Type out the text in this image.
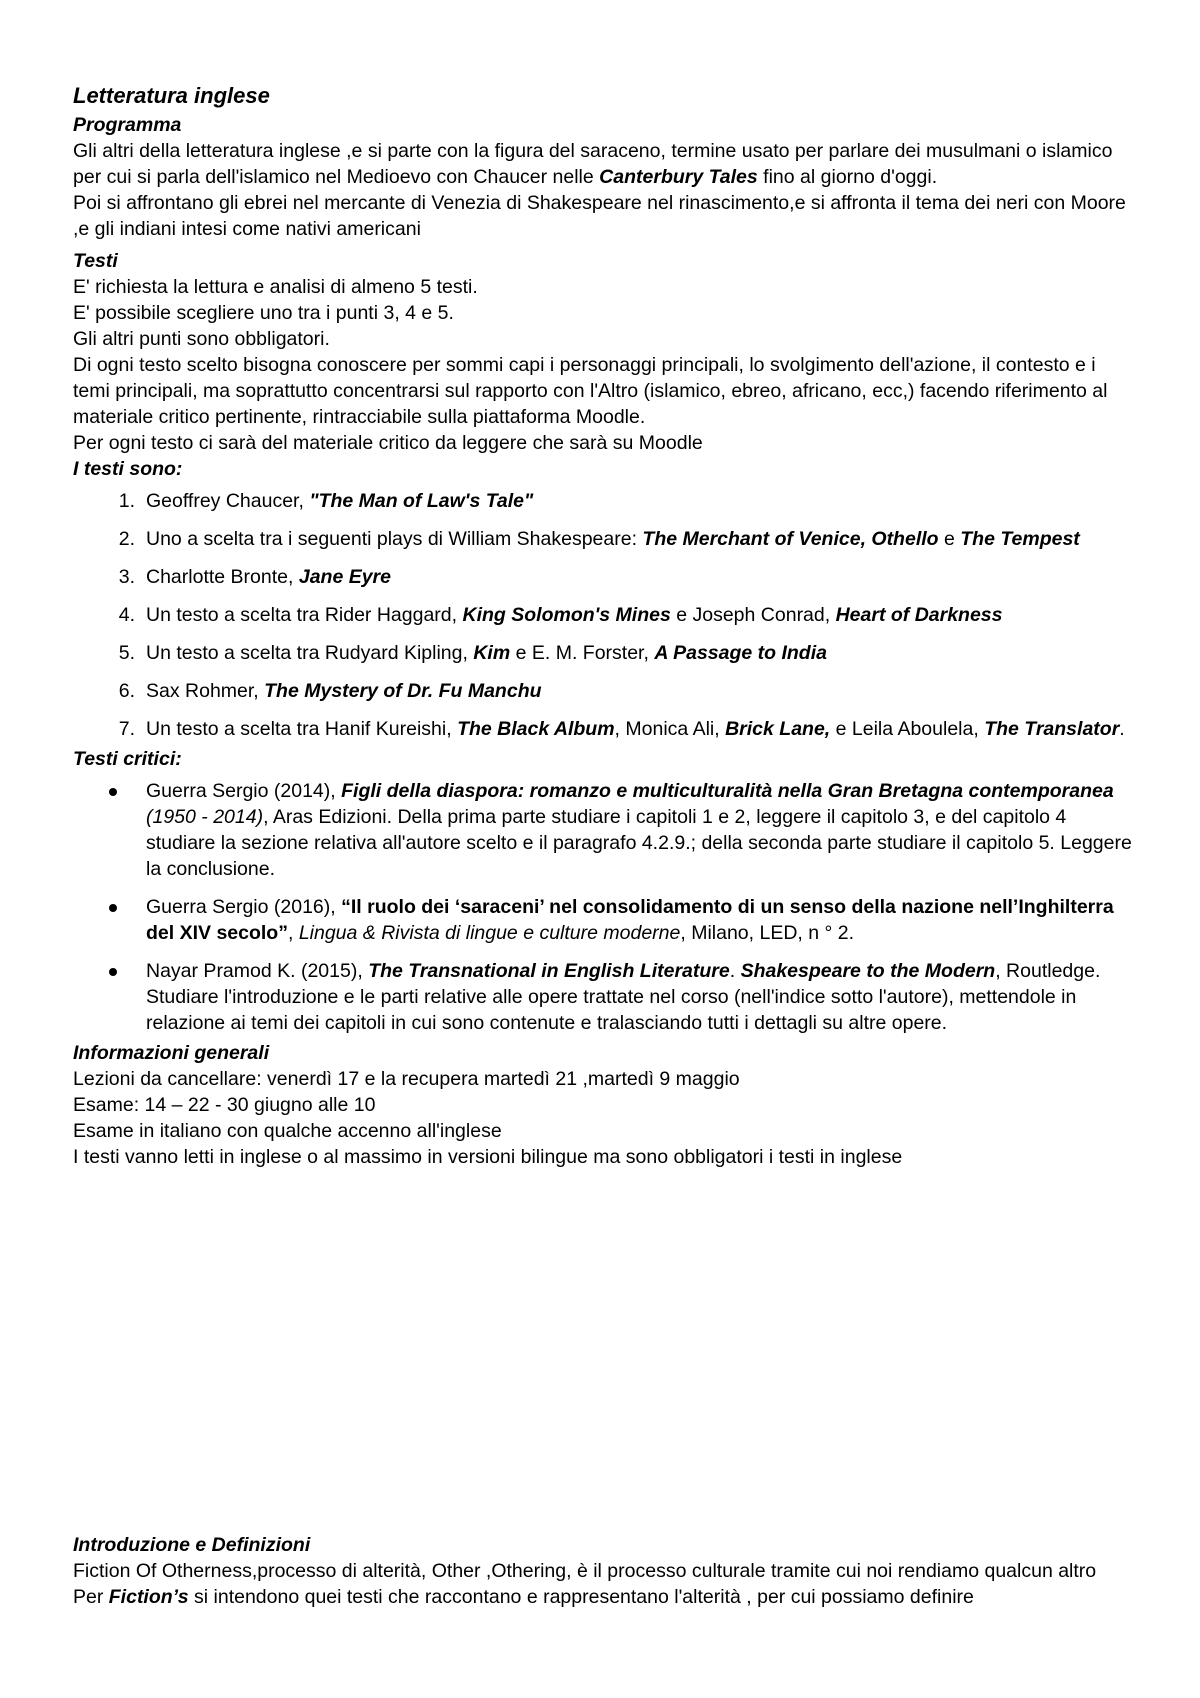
Letteratura inglese

Programma

Gli altri della letteratura inglese ,e si parte con la figura del saraceno, termine usato per parlare dei musulmani o islamico per cui si parla dell'islamico nel Medioevo con Chaucer nelle Canterbury Tales fino al giorno d'oggi.

Poi si affrontano gli ebrei nel mercante di Venezia di Shakespeare nel rinascimento,e si affronta il tema dei neri con Moore ,e gli indiani intesi come nativi americani

Testi

E' richiesta la lettura e analisi di almeno 5 testi.

E' possibile scegliere uno tra i punti 3, 4 e 5.

Gli altri punti sono obbligatori.

Di ogni testo scelto bisogna conoscere per sommi capi i personaggi principali, lo svolgimento dell'azione, il contesto e i temi principali, ma soprattutto concentrarsi sul rapporto con l'Altro (islamico, ebreo, africano, ecc,) facendo riferimento al materiale critico pertinente, rintracciabile sulla piattaforma Moodle.

Per ogni testo ci sarà del materiale critico da leggere che sarà su Moodle

I testi sono:

1. Geoffrey Chaucer, "The Man of Law's Tale"
2. Uno a scelta tra i seguenti plays di William Shakespeare: The Merchant of Venice, Othello e The Tempest
3. Charlotte Bronte, Jane Eyre
4. Un testo a scelta tra Rider Haggard, King Solomon's Mines e Joseph Conrad, Heart of Darkness
5. Un testo a scelta tra Rudyard Kipling, Kim e E. M. Forster, A Passage to India
6. Sax Rohmer, The Mystery of Dr. Fu Manchu
7. Un testo a scelta tra Hanif Kureishi, The Black Album, Monica Ali, Brick Lane, e Leila Aboulela, The Translator.

Testi critici:

Guerra Sergio (2014), Figli della diaspora: romanzo e multiculturalità nella Gran Bretagna contemporanea (1950 - 2014), Aras Edizioni. Della prima parte studiare i capitoli 1 e 2, leggere il capitolo 3, e del capitolo 4 studiare la sezione relativa all'autore scelto e il paragrafo 4.2.9.; della seconda parte studiare il capitolo 5. Leggere la conclusione.
Guerra Sergio (2016), “Il ruolo dei ‘saraceni’ nel consolidamento di un senso della nazione nell’Inghilterra del XIV secolo”, Lingua & Rivista di lingue e culture moderne, Milano, LED, n ° 2.
Nayar Pramod K. (2015), The Transnational in English Literature. Shakespeare to the Modern, Routledge. Studiare l'introduzione e le parti relative alle opere trattate nel corso (nell'indice sotto l'autore), mettendole in relazione ai temi dei capitoli in cui sono contenute e tralasciando tutti i dettagli su altre opere.

Informazioni generali

Lezioni da cancellare: venerdì 17 e la recupera martedì 21 ,martedì 9 maggio

Esame: 14 – 22 - 30 giugno alle 10

Esame in italiano con qualche accenno all'inglese

I testi vanno letti in inglese o al massimo in versioni bilingue ma sono obbligatori i testi in inglese

Introduzione e Definizioni

Fiction Of Otherness,processo di alterità, Other ,Othering, è il processo culturale tramite cui noi rendiamo qualcun altro

Per Fiction’s si intendono quei testi che raccontano e rappresentano l'alterità , per cui possiamo definire
